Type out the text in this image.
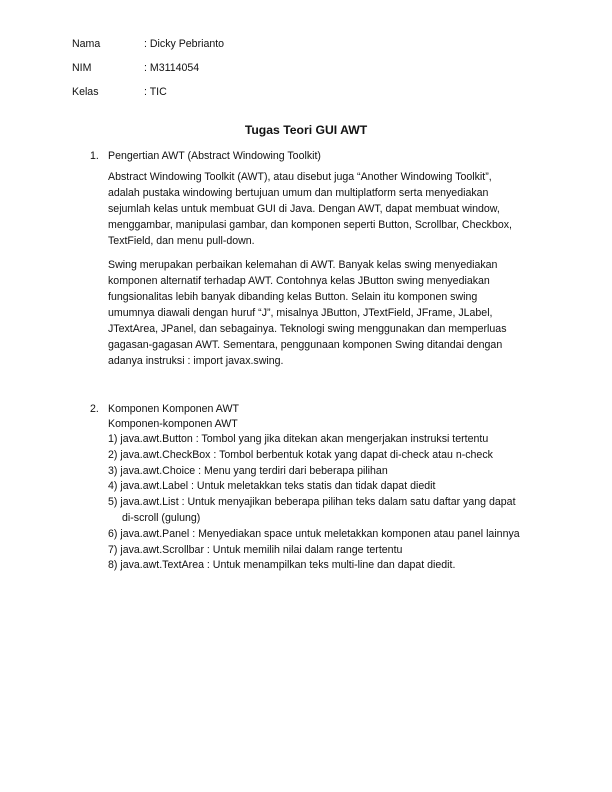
Nama	: Dicky Pebrianto
NIM	: M3114054
Kelas	: TIC
Tugas Teori GUI AWT
1. Pengertian AWT (Abstract Windowing Toolkit)
Abstract Windowing Toolkit (AWT), atau disebut juga “Another Windowing Toolkit”,
adalah pustaka windowing bertujuan umum dan multiplatform serta menyediakan
sejumlah kelas untuk membuat GUI di Java. Dengan AWT, dapat membuat window,
menggambar, manipulasi gambar, dan komponen seperti Button, Scrollbar, Checkbox,
TextField, dan menu pull-down.
Swing merupakan perbaikan kelemahan di AWT. Banyak kelas swing menyediakan
komponen alternatif terhadap AWT. Contohnya kelas JButton swing menyediakan
fungsionalitas lebih banyak dibanding kelas Button. Selain itu komponen swing
umumnya diawali dengan huruf “J”, misalnya JButton, JTextField, JFrame, JLabel,
JTextArea, JPanel, dan sebagainya. Teknologi swing menggunakan dan memperluas
gagasan-gagasan AWT. Sementara, penggunaan komponen Swing ditandai dengan
adanya instruksi : import javax.swing.
2. Komponen Komponen AWT
Komponen-komponen AWT
1) java.awt.Button : Tombol yang jika ditekan akan mengerjakan instruksi tertentu
2) java.awt.CheckBox : Tombol berbentuk kotak yang dapat di-check atau n-check
3) java.awt.Choice : Menu yang terdiri dari beberapa pilihan
4) java.awt.Label : Untuk meletakkan teks statis dan tidak dapat diedit
5) java.awt.List : Untuk menyajikan beberapa pilihan teks dalam satu daftar yang dapat
di-scroll (gulung)
6) java.awt.Panel : Menyediakan space untuk meletakkan komponen atau panel lainnya
7) java.awt.Scrollbar : Untuk memilih nilai dalam range tertentu
8) java.awt.TextArea : Untuk menampilkan teks multi-line dan dapat diedit.
